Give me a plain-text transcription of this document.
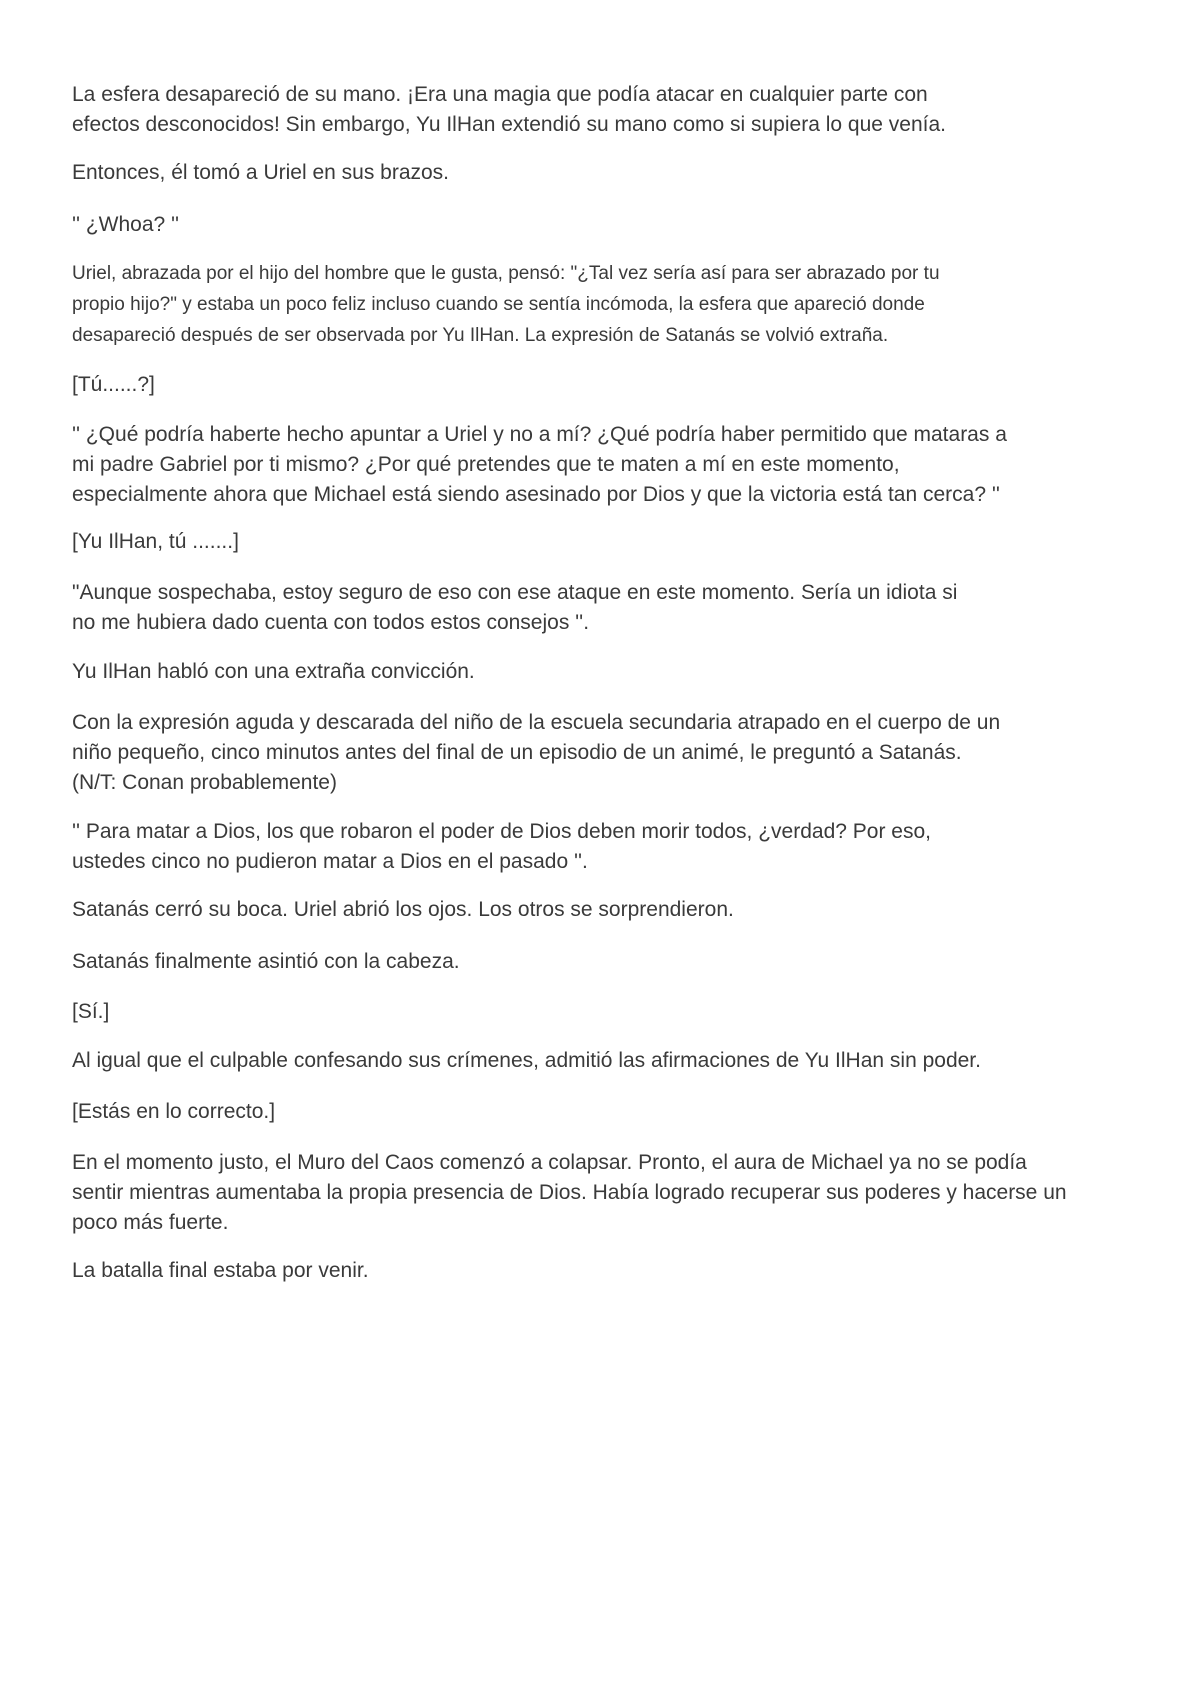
La esfera desapareció de su mano. ¡Era una magia que podía atacar en cualquier parte con
efectos desconocidos! Sin embargo, Yu IlHan extendió su mano como si supiera lo que venía.

Entonces, él tomó a Uriel en sus brazos.

'' ¿Whoa? ''

Uriel, abrazada por el hijo del hombre que le gusta, pensó: "¿Tal vez sería así para ser abrazado por tu
propio hijo?" y estaba un poco feliz incluso cuando se sentía incómoda, la esfera que apareció donde
desapareció después de ser observada por Yu IlHan. La expresión de Satanás se volvió extraña.

[Tú......?]

'' ¿Qué podría haberte hecho apuntar a Uriel y no a mí? ¿Qué podría haber permitido que mataras a
mi padre Gabriel por ti mismo? ¿Por qué pretendes que te maten a mí en este momento,
especialmente ahora que Michael está siendo asesinado por Dios y que la victoria está tan cerca? ''

[Yu IlHan, tú .......]

"Aunque sospechaba, estoy seguro de eso con ese ataque en este momento. Sería un idiota si
no me hubiera dado cuenta con todos estos consejos ''.

Yu IlHan habló con una extraña convicción.

Con la expresión aguda y descarada del niño de la escuela secundaria atrapado en el cuerpo de un
niño pequeño, cinco minutos antes del final de un episodio de un animé, le preguntó a Satanás.
(N/T: Conan probablemente)

'' Para matar a Dios, los que robaron el poder de Dios deben morir todos, ¿verdad? Por eso,
ustedes cinco no pudieron matar a Dios en el pasado ''.

Satanás cerró su boca. Uriel abrió los ojos. Los otros se sorprendieron.

Satanás finalmente asintió con la cabeza.

[Sí.]

Al igual que el culpable confesando sus crímenes, admitió las afirmaciones de Yu IlHan sin poder.

[Estás en lo correcto.]

En el momento justo, el Muro del Caos comenzó a colapsar. Pronto, el aura de Michael ya no se podía
sentir mientras aumentaba la propia presencia de Dios. Había logrado recuperar sus poderes y hacerse un
poco más fuerte.

La batalla final estaba por venir.
